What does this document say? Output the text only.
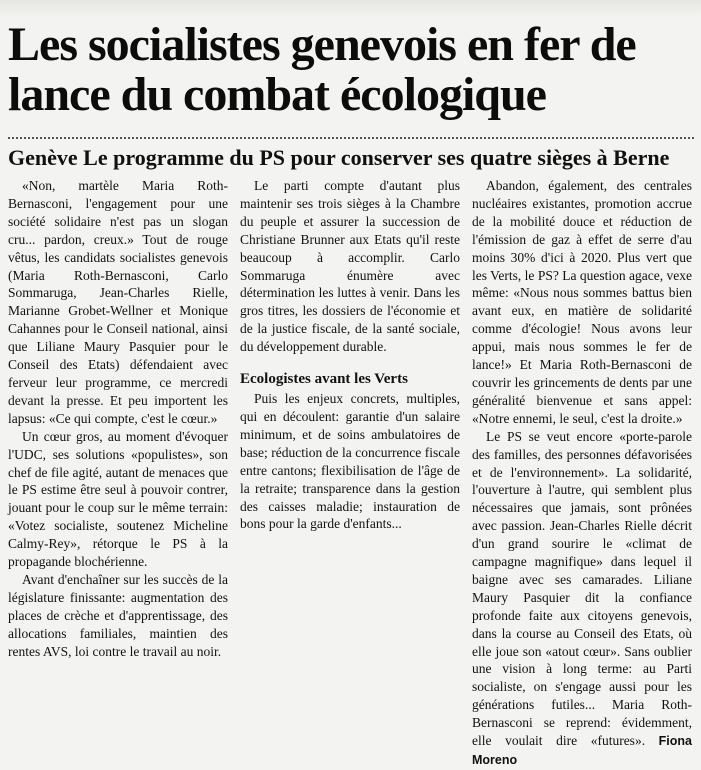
Les socialistes genevois en fer de lance du combat écologique
Genève Le programme du PS pour conserver ses quatre sièges à Berne

«Non, martèle Maria Roth-Bernasconi, l'engagement pour une société solidaire n'est pas un slogan cru... pardon, creux.» Tout de rouge vêtus, les candidats socialistes genevois (Maria Roth-Bernasconi, Carlo Sommaruga, Jean-Charles Rielle, Marianne Grobet-Wellner et Monique Cahannes pour le Conseil national, ainsi que Liliane Maury Pasquier pour le Conseil des Etats) défendaient avec ferveur leur programme, ce mercredi devant la presse. Et peu importent les lapsus: «Ce qui compte, c'est le cœur.»

Un cœur gros, au moment d'évoquer l'UDC, ses solutions «populistes», son chef de file agité, autant de menaces que le PS estime être seul à pouvoir contrer, jouant pour le coup sur le même terrain: «Votez socialiste, soutenez Micheline Calmy-Rey», rétorque le PS à la propagande blochérienne.

Avant d'enchaîner sur les succès de la législature finissante: augmentation des places de crèche et d'apprentissage, des allocations familiales, maintien des rentes AVS, loi contre le travail au noir.

Le parti compte d'autant plus maintenir ses trois sièges à la Chambre du peuple et assurer la succession de Christiane Brunner aux Etats qu'il reste beaucoup à accomplir. Carlo Sommaruga énumère avec détermination les luttes à venir. Dans les gros titres, les dossiers de l'économie et de la justice fiscale, de la santé sociale, du développement durable.

Ecologistes avant les Verts

Puis les enjeux concrets, multiples, qui en découlent: garantie d'un salaire minimum, et de soins ambulatoires de base; réduction de la concurrence fiscale entre cantons; flexibilisation de l'âge de la retraite; transparence dans la gestion des caisses maladie; instauration de bons pour la garde d'enfants...

Abandon, également, des centrales nucléaires existantes, promotion accrue de la mobilité douce et réduction de l'émission de gaz à effet de serre d'au moins 30% d'ici à 2020. Plus vert que les Verts, le PS? La question agace, vexe même: «Nous nous sommes battus bien avant eux, en matière de solidarité comme d'écologie! Nous avons leur appui, mais nous sommes le fer de lance!» Et Maria Roth-Bernasconi de couvrir les grincements de dents par une généralité bienvenue et sans appel: «Notre ennemi, le seul, c'est la droite.»

Le PS se veut encore «porte-parole des familles, des personnes défavorisées et de l'environnement». La solidarité, l'ouverture à l'autre, qui semblent plus nécessaires que jamais, sont prônées avec passion. Jean-Charles Rielle décrit d'un grand sourire le «climat de campagne magnifique» dans lequel il baigne avec ses camarades. Liliane Maury Pasquier dit la confiance profonde faite aux citoyens genevois, dans la course au Conseil des Etats, où elle joue son «atout cœur». Sans oublier une vision à long terme: au Parti socialiste, on s'engage aussi pour les générations futiles... Maria Roth-Bernasconi se reprend: évidemment, elle voulait dire «futures». Fiona Moreno
